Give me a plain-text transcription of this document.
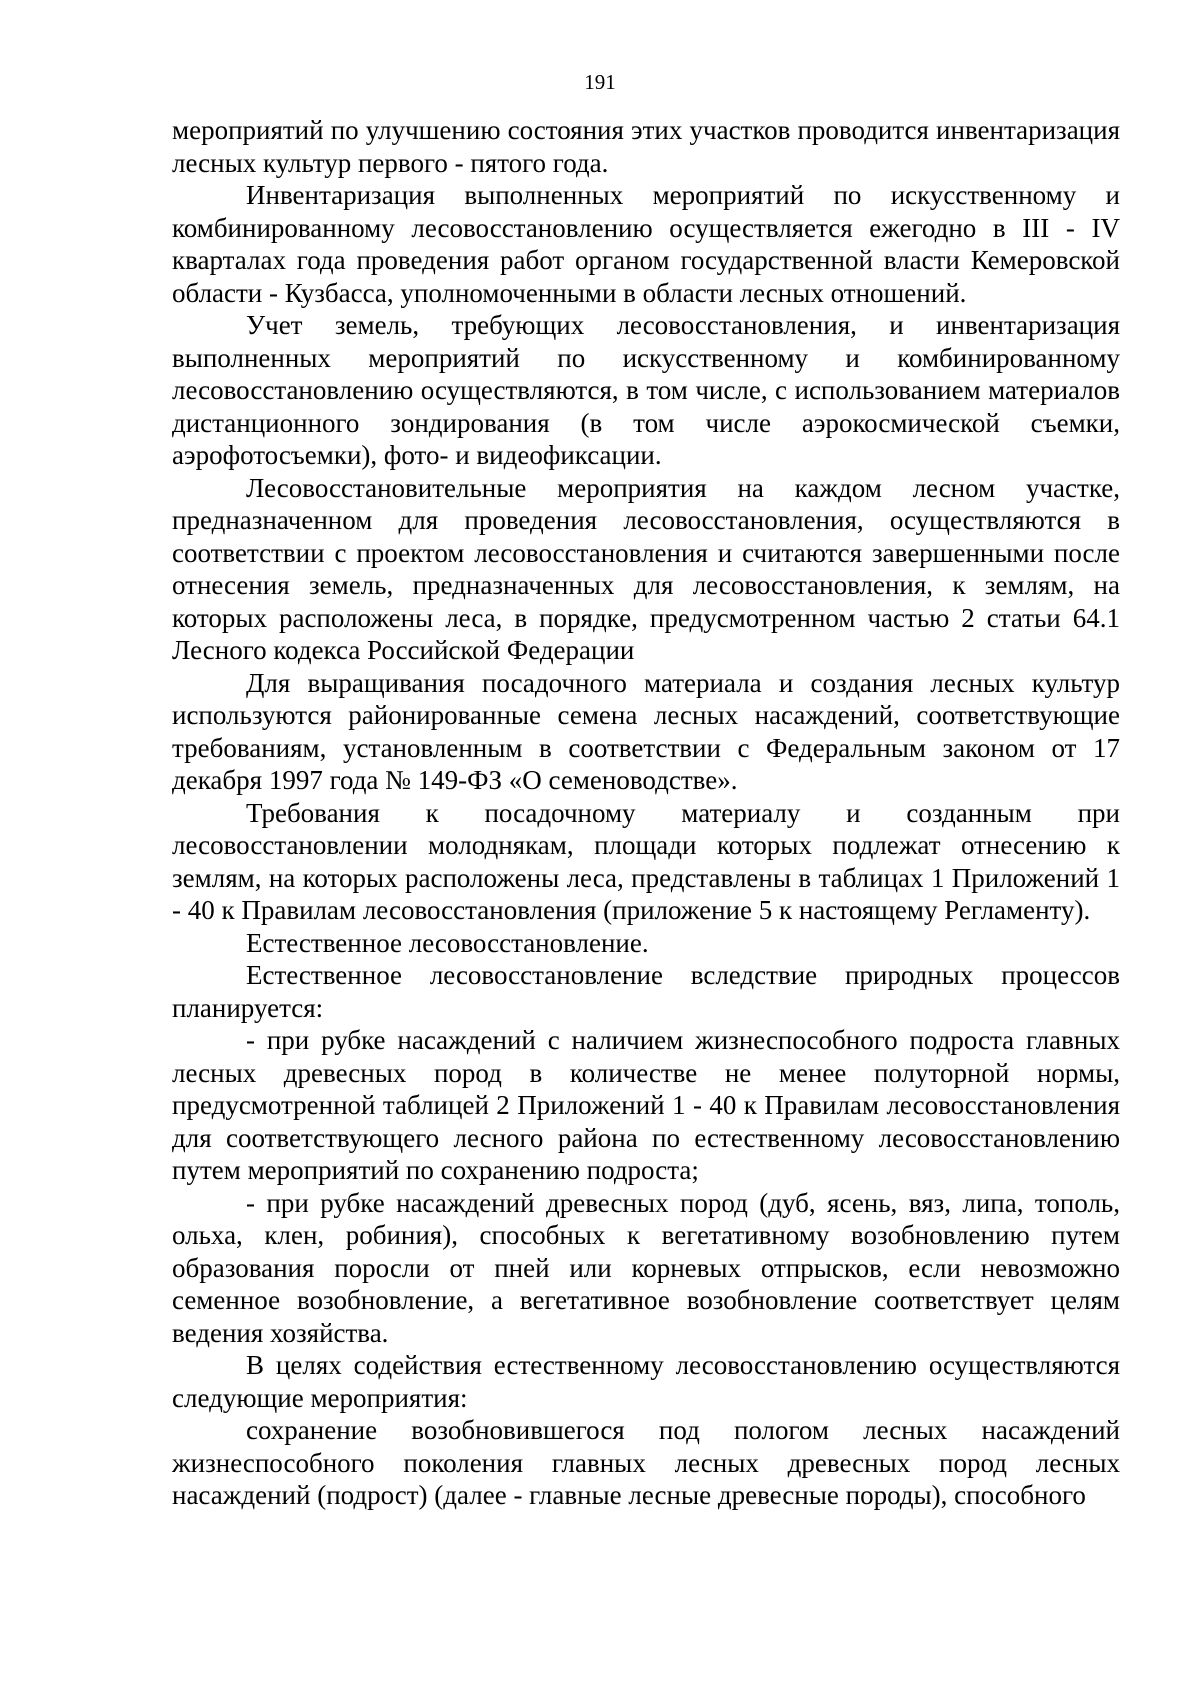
191

мероприятий по улучшению состояния этих участков проводится инвентаризация лесных культур первого - пятого года.

Инвентаризация выполненных мероприятий по искусственному и комбинированному лесовосстановлению осуществляется ежегодно в III - IV кварталах года проведения работ органом государственной власти Кемеровской области - Кузбасса, уполномоченными в области лесных отношений.

Учет земель, требующих лесовосстановления, и инвентаризация выполненных мероприятий по искусственному и комбинированному лесовосстановлению осуществляются, в том числе, с использованием материалов дистанционного зондирования (в том числе аэрокосмической съемки, аэрофотосъемки), фото- и видеофиксации.

Лесовосстановительные мероприятия на каждом лесном участке, предназначенном для проведения лесовосстановления, осуществляются в соответствии с проектом лесовосстановления и считаются завершенными после отнесения земель, предназначенных для лесовосстановления, к землям, на которых расположены леса, в порядке, предусмотренном частью 2 статьи 64.1 Лесного кодекса Российской Федерации

Для выращивания посадочного материала и создания лесных культур используются районированные семена лесных насаждений, соответствующие требованиям, установленным в соответствии с Федеральным законом от 17 декабря 1997 года № 149-ФЗ «О семеноводстве».

Требования к посадочному материалу и созданным при лесовосстановлении молоднякам, площади которых подлежат отнесению к землям, на которых расположены леса, представлены в таблицах 1 Приложений 1 - 40 к Правилам лесовосстановления (приложение 5 к настоящему Регламенту).

Естественное лесовосстановление.

Естественное лесовосстановление вследствие природных процессов планируется:

- при рубке насаждений с наличием жизнеспособного подроста главных лесных древесных пород в количестве не менее полуторной нормы, предусмотренной таблицей 2 Приложений 1 - 40 к Правилам лесовосстановления для соответствующего лесного района по естественному лесовосстановлению путем мероприятий по сохранению подроста;

- при рубке насаждений древесных пород (дуб, ясень, вяз, липа, тополь, ольха, клен, робиния), способных к вегетативному возобновлению путем образования поросли от пней или корневых отпрысков, если невозможно семенное возобновление, а вегетативное возобновление соответствует целям ведения хозяйства.

В целях содействия естественному лесовосстановлению осуществляются следующие мероприятия:

сохранение возобновившегося под пологом лесных насаждений жизнеспособного поколения главных лесных древесных пород лесных насаждений (подрост) (далее - главные лесные древесные породы), способного
